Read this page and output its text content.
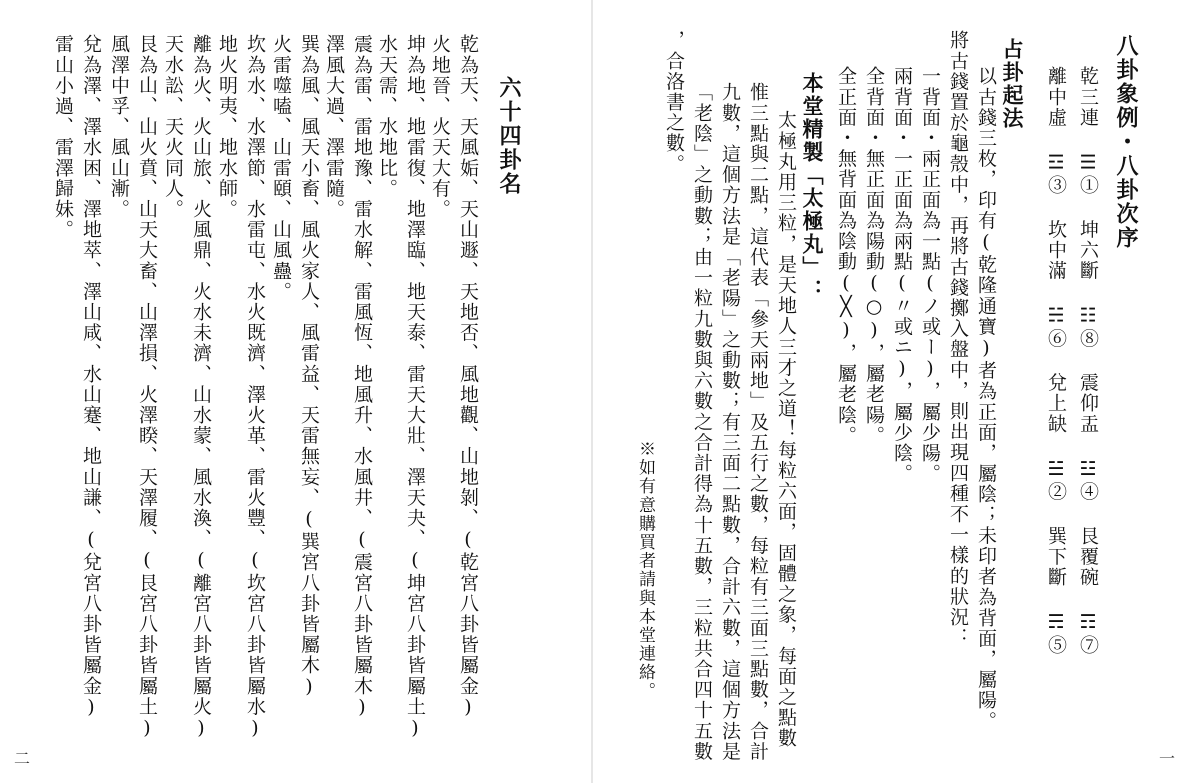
六十四卦名
乾為天、天風姤、天山遯、天地否、風地觀、山地剝、(乾宮八卦皆屬金)
火地晉、火天大有。
坤為地、地雷復、地澤臨、地天泰、雷天大壯、澤天夬、(坤宮八卦皆屬土)
水天需、水地比。
震為雷、雷地豫、雷水解、雷風恆、地風升、水風井、(震宮八卦皆屬木)
澤風大過、澤雷隨。
巽為風、風天小畜、風火家人、風雷益、天雷無妄、(巽宮八卦皆屬木)
火雷噬嗑、山雷頤、山風蠱。
坎為水、水澤節、水雷屯、水火既濟、澤火革、雷火豐、(坎宮八卦皆屬水)
地火明夷、地水師。
離為火、火山旅、火風鼎、火水未濟、山水蒙、風水渙、(離宮八卦皆屬火)
天水訟、天火同人。
艮為山、山火賁、山天大畜、山澤損、火澤睽、天澤履、(艮宮八卦皆屬土)
風澤中孚、風山漸。
兌為澤、澤水困、澤地萃、澤山咸、水山蹇、地山謙、(兌宮八卦皆屬金)
雷山小過、雷澤歸妹。
二
八卦象例・八卦次序
乾三連 ☰① 坤六斷 ☷⑧ 震仰盂 ☳④ 艮覆碗 ☶⑦
離中虛 ☲③ 坎中滿 ☵⑥ 兌上缺 ☱② 巽下斷 ☴⑤
占卦起法
以古錢三枚，印有(乾隆通寶)者為正面，屬陰；未印者為背面，屬陽。
將古錢置於龜殼中，再將古錢擲入盤中，則出現四種不一樣的狀況：
一背面・兩正面為一點(ノ或ー)，屬少陽。
兩背面・一正面為兩點(〃或ニ)，屬少陰。
全背面・無正面為陽動(○)，屬老陽。
全正面・無背面為陰動(╳)，屬老陰。
本堂精製「太極丸」：
太極丸用三粒，是天地人三才之道！每粒六面，固體之象，每面之點數
惟三點與二點，這代表「參天兩地」及五行之數，每粒有三面三點數，合計
九數，這個方法是「老陽」之動數；有三面二點數，合計六數，這個方法是
「老陰」之動數；由一粒九數與六數之合計得為十五數，三粒共合四十五數
，合洛書之數。
※如有意購買者請與本堂連絡。
一
